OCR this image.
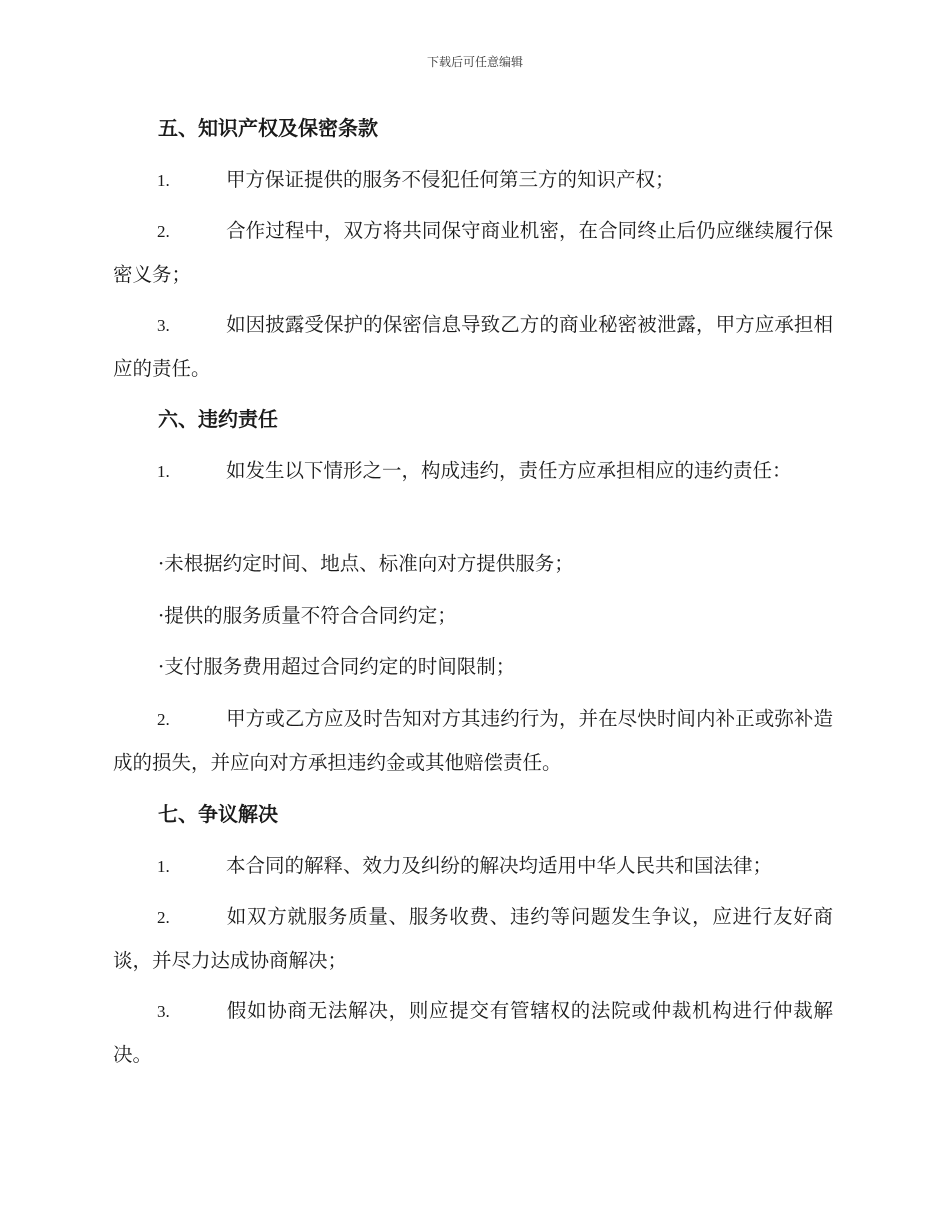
下载后可任意编辑
五、知识产权及保密条款
1.	甲方保证提供的服务不侵犯任何第三方的知识产权；
2.	合作过程中，双方将共同保守商业机密，在合同终止后仍应继续履行保密义务；
3.	如因披露受保护的保密信息导致乙方的商业秘密被泄露，甲方应承担相应的责任。
六、违约责任
1.	如发生以下情形之一，构成违约，责任方应承担相应的违约责任：
·未根据约定时间、地点、标准向对方提供服务；
·提供的服务质量不符合合同约定；
·支付服务费用超过合同约定的时间限制；
2.	甲方或乙方应及时告知对方其违约行为，并在尽快时间内补正或弥补造成的损失，并应向对方承担违约金或其他赔偿责任。
七、争议解决
1.	本合同的解释、效力及纠纷的解决均适用中华人民共和国法律；
2.	如双方就服务质量、服务收费、违约等问题发生争议，应进行友好商谈，并尽力达成协商解决；
3.	假如协商无法解决，则应提交有管辖权的法院或仲裁机构进行仲裁解决。
